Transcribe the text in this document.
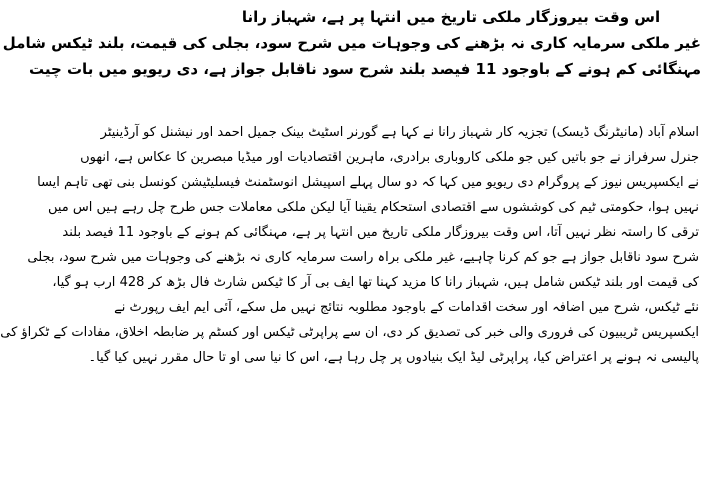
اس وقت بیروزگار ملکی تاریخ میں انتہا پر ہے، شہباز رانا
غیر ملکی سرمایہ کاری نہ بڑھنے کی وجوہات میں شرح سود، بجلی کی قیمت، بلند ٹیکس شامل
مہنگائی کم ہونے کے باوجود 11 فیصد بلند شرح سود ناقابل جواز ہے، دی ریویو میں بات چیت
اسلام آباد (مانیٹرنگ ڈیسک) تجزیہ کار شہباز رانا نے کہا ہے گورنر اسٹیٹ بینک جمیل احمد اور نیشنل کو آرڈینیٹر
جنرل سرفراز نے جو باتیں کیں جو ملکی کاروباری برادری، ماہرین اقتصادیات اور میڈیا مبصرین کا عکاس ہے، انھوں
نے ایکسپریس نیوز کے پروگرام دی ریویو میں کہا کہ دو سال پہلے اسپیشل انوسٹمنٹ فیسلیٹیشن کونسل بنی تھی تاہم ایسا
نہیں ہوا، حکومتی ٹیم کی کوششوں سے اقتصادی استحکام یقینا آیا لیکن ملکی معاملات جس طرح چل رہے ہیں اس میں
ترقی کا راستہ نظر نہیں آتا، اس وقت بیروزگار ملکی تاریخ میں انتہا پر ہے، مہنگائی کم ہونے کے باوجود 11 فیصد بلند
شرح سود ناقابل جواز ہے جو کم کرنا چاہیے، غیر ملکی براہ راست سرمایہ کاری نہ بڑھنے کی وجوہات میں شرح سود، بجلی
کی قیمت اور بلند ٹیکس شامل ہیں، شہباز رانا کا مزید کہنا تھا ایف بی آر کا ٹیکس شارٹ فال بڑھ کر 428 ارب ہو گیا،
نئے ٹیکس، شرح میں اضافہ اور سخت اقدامات کے باوجود مطلوبہ نتائج نہیں مل سکے، آئی ایم ایف رپورٹ نے
ایکسپریس ٹریبیون کی فروری والی خبر کی تصدیق کر دی، ان سے پراپرٹی ٹیکس اور کسٹم پر ضابطہ اخلاق، مفادات کے ٹکراؤ کی
پالیسی نہ ہونے پر اعتراض کیا، پراپرٹی لیڈ ایک بنیادوں پر چل رہا ہے، اس کا نیا سی او تا حال مقرر نہیں کیا گیا۔
